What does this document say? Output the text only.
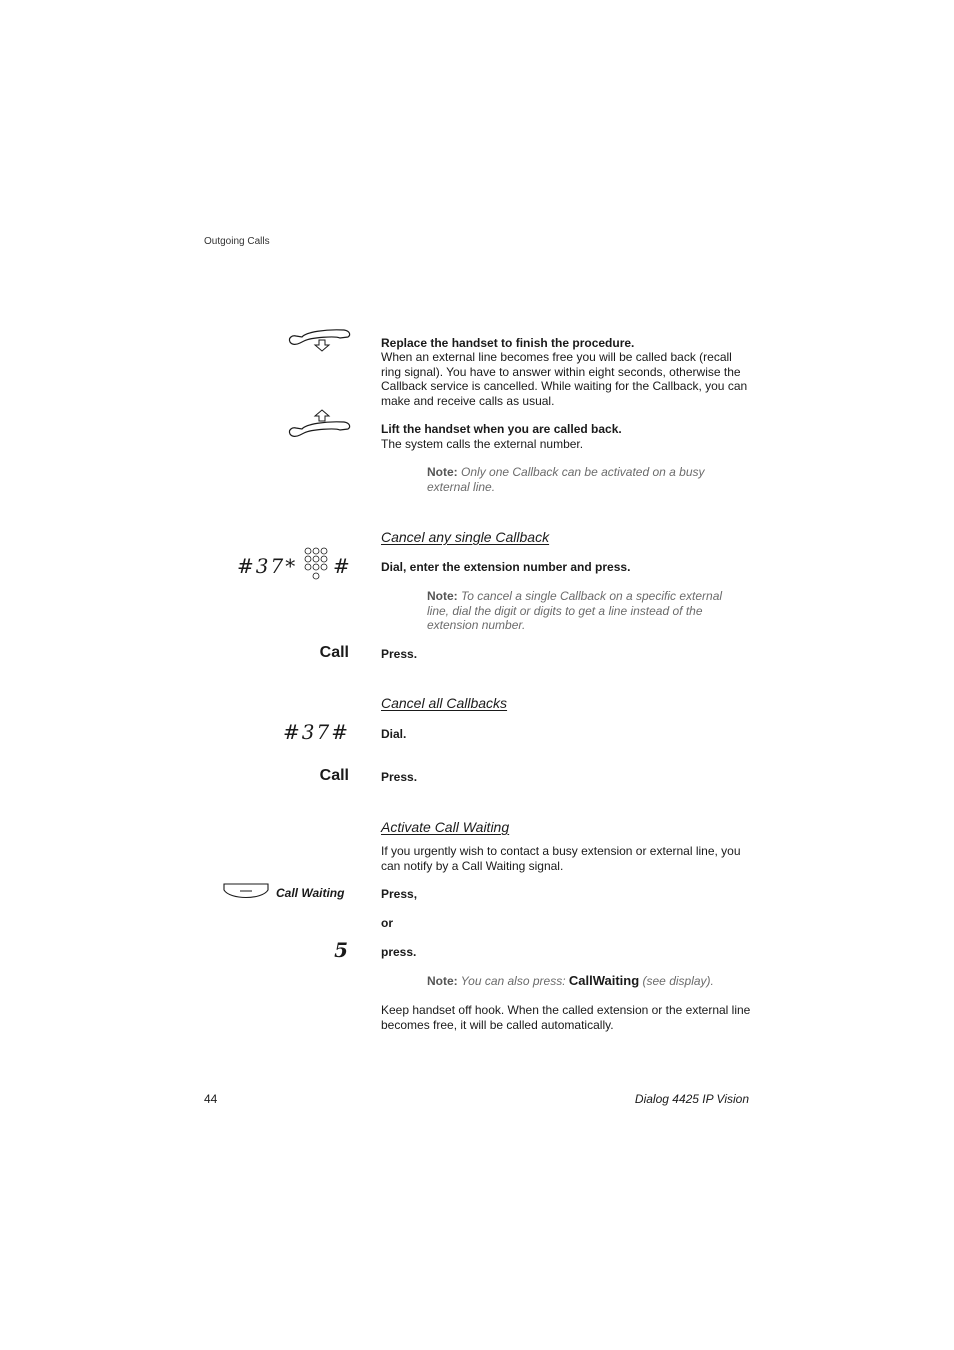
Outgoing Calls
Replace the handset to finish the procedure.
When an external line becomes free you will be called back (recall ring signal). You have to answer within eight seconds, otherwise the Callback service is cancelled. While waiting for the Callback, you can make and receive calls as usual.
Lift the handset when you are called back.
The system calls the external number.
Note: Only one Callback can be activated on a busy external line.
Cancel any single Callback
#37* # Dial, enter the extension number and press.
Note: To cancel a single Callback on a specific external line, dial the digit or digits to get a line instead of the extension number.
Call	Press.
Cancel all Callbacks
#37#	Dial.
Call	Press.
Activate Call Waiting
If you urgently wish to contact a busy extension or external line, you can notify by a Call Waiting signal.
Call Waiting	Press,
or
5	press.
Note: You can also press: CallWaiting (see display).
Keep handset off hook. When the called extension or the external line becomes free, it will be called automatically.
44	Dialog 4425 IP Vision
